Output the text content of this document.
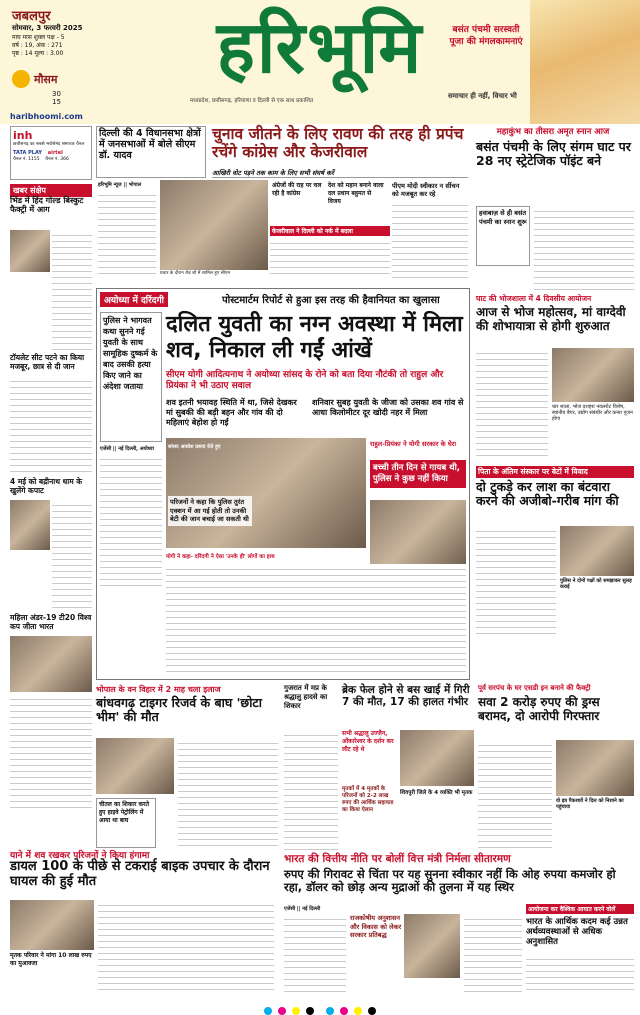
जबलपुर
सोमवार, 3 फरवरी 2025
माघ मास शुक्ल पक्ष - 5
वर्ष : 19, अंक : 271
पृष्ठ : 14 मूल्य : 3.00
मौसम
30
15
haribhoomi.com
हरिभूमि
मध्यप्रदेश, छत्तीसगढ़, हरियाणा व दिल्ली से एक साथ प्रकाशित
समाचार ही नहीं, विचार भी
बसंत पंचमी सरस्वती पूजा की मंगलकामनाएं
inh
छत्तीसगढ़ का सबसे भरोसेमंद समाचार चैनल
TATA PLAY airtel
चैनल नं. 1155 चैनल नं. 366
दिल्ली की 4 विधानसभा क्षेत्रों में जनसभाओं में बोले सीएम डॉ. यादव
चुनाव जीतने के लिए रावण की तरह ही प्रपंच रचेंगे कांग्रेस और केजरीवाल
आखिरी वोट पड़ने तक काम के लिए सभी संघर्ष करें
हरिभूमि न्यूज || भोपाल
प्रचार के दौरान रोड शो में शामिल हुए सीएम
अंग्रेजों की राह पर चल रही है कांग्रेस
देश को महान बनाने वाला दल प्रधान बहुमत से विजय
केजरीवाल ने दिल्ली को नर्क में बदला
पीएम मोदी स्वीकार न सींचन को मजबूत कर रहे
खबर संक्षेप
भिंड में हिंद गोल्ड बिस्कुट फैक्ट्री में आग
टॉयलेट सीट पटने का किया मजबूर, छात्र से दी जान
4 मई को बद्रीनाथ धाम के खुलेंगे कपाट
महिला अंडर-19 टी20 विश्व कप जीता भारत
अयोध्या में दरिंदगी	पोस्टमार्टम रिपोर्ट से हुआ इस तरह की हैवानियत का खुलासा
पुलिस ने भागवत कथा सुनने गई युवती के साथ सामूहिक दुष्कर्म के बाद उसकी हत्या किए जाने का अंदेशा जताया
दलित युवती का नग्न अवस्था में मिला शव, निकाल ली गईं आंखें
सीएम योगी आदित्यनाथ ने अयोध्या सांसद के रोने को बता दिया नौटंकी तो राहुल और प्रियंका ने भी उठाए सवाल
शव इतनी भयावह स्थिति में था, जिसे देखकर मां सुबकी की बड़ी बहन और गांव की दो महिलाएं बेहोश हो गईं
शनिवार सुबह युवती के जीजा को उसका शव गांव से आधा किलोमीटर दूर खोदी नहर में मिला
एजेंसी || नई दिल्ली, अयोध्या	सांसद अवधेश प्रसाद रोते हुए
परिजनों ने कहा कि पुलिस तुरंत एक्शन में आ गई होती तो उनकी बेटी की जान बचाई जा सकती थी
राहुल-प्रियंका ने योगी सरकार के घेरा
बच्ची तीन दिन से गायब थी, पुलिस ने कुछ नहीं किया
योगी ने कहा- दरिंदगी ने ऐसा 'उनके ही' लोगों का हाथ
महाकुंभ का तीसरा अमृत स्नान आज
बसंत पंचमी के लिए संगम घाट पर 28 नए स्ट्रेटेजिक पॉइंट बने
हवाबाज़ से ही बसंत पंचमी का स्नान शुरू
घाट की भोजशाला में 4 दिवसीय आयोजन
आज से भोज महोत्सव, मां वाग्देवी की शोभायात्रा से होगी शुरुआत
धार शाला, भोज दशहरा नवलरोट विशेष, स्थानीय बैगर, उद्योग संबंधीर और कन्या पूजन होगा
पिता के अंतिम संस्कार पर बेटों में विवाद
दो टुकड़े कर लाश का बंटवारा करने की अजीबो-गरीब मांग की
पुलिस ने दोनों पक्षों को समझाकर सुलह कराई
भोपाल के वन विहार में 2 माह चला इलाज
बांधवगढ़ टाइगर रिजर्व के बाघ 'छोटा भीम' की मौत
चीतल का शिकार करते हुए हाइवे पेट्रोलिंग में आया था बाघ
गुजरात में मप्र के श्रद्धालु हादसे का शिकार
ब्रेक फेल होने से बस खाई में गिरी 7 की मौत, 17 की हालत गंभीर
सभी श्रद्धालु उज्जैन, ओंकारेश्वर के दर्शन कर लौट रहे थे
शिवपुरी जिले के 4 व्यक्ति भी मृतक
मृतकों में 4 मृतकों के परिजनों को 2-2 लाख रुपए की आर्थिक सहायता का किया ऐलान
पूर्व सरपंच के घर एसडी इन बनाने की फैक्ट्री
सवा 2 करोड़ रुपए की ड्रग्स बरामद, दो आरोपी गिरफ्तार
वो इत्र पैकशायें ने दिल को निशाने का पहुंचाया
याने में शव रखकर परिजनों ने किया हंगामा
डायल 100 के पीछे से टकराई बाइक उपचार के दौरान घायल की हुई मौत
मृतक परिवार ने मांगा 10 लाख रुपए का मुआवजा
भारत की वित्तीय नीति पर बोलीं वित्त मंत्री निर्मला सीतारमण
रुपए की गिरावट से चिंता पर यह सुनना स्वीकार नहीं कि ओह रुपया कमजोर हो रहा, डॉलर को छोड़ अन्य मुद्राओं की तुलना में यह स्थिर
एजेंसी || नई दिल्ली
राजकोषीय अनुशासन और विकास को लेकर सरकार प्रतिबद्ध
आयोजना कर वैश्विक आयात करने वोलें
भारत के आर्थिक कदम कई उन्नत अर्थव्यवस्थाओं से अधिक अनुशासित
